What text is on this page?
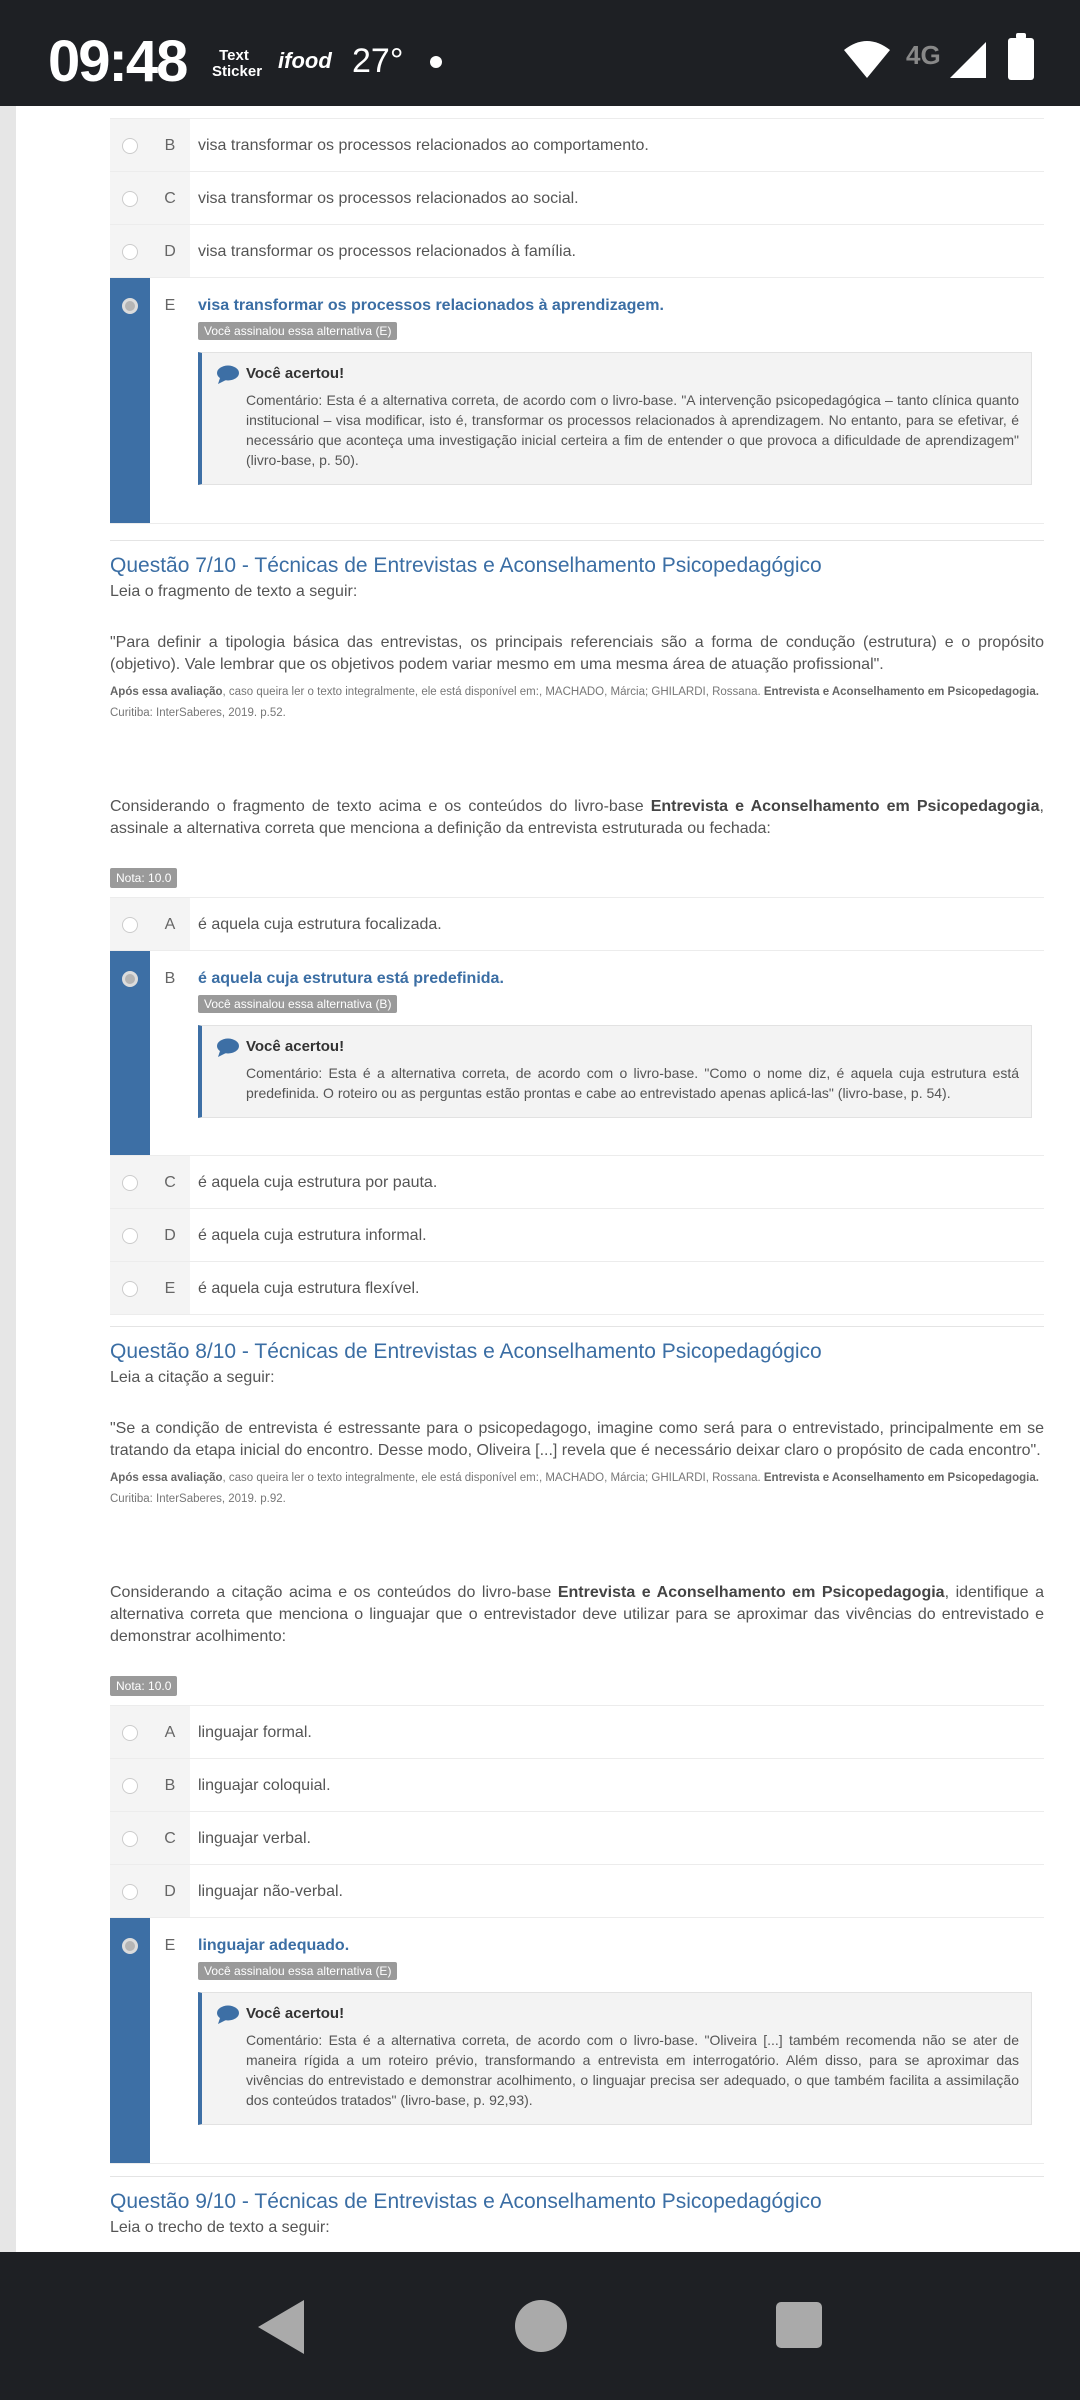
09:48	Text Sticker ifood 27°	4G
B	visa transformar os processos relacionados ao comportamento.
C	visa transformar os processos relacionados ao social.
D	visa transformar os processos relacionados à família.
E	visa transformar os processos relacionados à aprendizagem.
Você assinalou essa alternativa (E)
Você acertou!
Comentário: Esta é a alternativa correta, de acordo com o livro-base. "A intervenção psicopedagógica – tanto clínica quanto institucional – visa modificar, isto é, transformar os processos relacionados à aprendizagem. No entanto, para se efetivar, é necessário que aconteça uma investigação inicial certeira a fim de entender o que provoca a dificuldade de aprendizagem" (livro-base, p. 50).
Questão 7/10 - Técnicas de Entrevistas e Aconselhamento Psicopedagógico
Leia o fragmento de texto a seguir:
"Para definir a tipologia básica das entrevistas, os principais referenciais são a forma de condução (estrutura) e o propósito (objetivo). Vale lembrar que os objetivos podem variar mesmo em uma mesma área de atuação profissional".
Após essa avaliação, caso queira ler o texto integralmente, ele está disponível em:, MACHADO, Márcia; GHILARDI, Rossana. Entrevista e Aconselhamento em Psicopedagogia.
Curitiba: InterSaberes, 2019. p.52.
Considerando o fragmento de texto acima e os conteúdos do livro-base Entrevista e Aconselhamento em Psicopedagogia, assinale a alternativa correta que menciona a definição da entrevista estruturada ou fechada:
Nota: 10.0
A	é aquela cuja estrutura focalizada.
B	é aquela cuja estrutura está predefinida.
Você assinalou essa alternativa (B)
Você acertou!
Comentário: Esta é a alternativa correta, de acordo com o livro-base. "Como o nome diz, é aquela cuja estrutura está predefinida. O roteiro ou as perguntas estão prontas e cabe ao entrevistado apenas aplicá-las" (livro-base, p. 54).
C	é aquela cuja estrutura por pauta.
D	é aquela cuja estrutura informal.
E	é aquela cuja estrutura flexível.
Questão 8/10 - Técnicas de Entrevistas e Aconselhamento Psicopedagógico
Leia a citação a seguir:
"Se a condição de entrevista é estressante para o psicopedagogo, imagine como será para o entrevistado, principalmente em se tratando da etapa inicial do encontro. Desse modo, Oliveira [...] revela que é necessário deixar claro o propósito de cada encontro".
Após essa avaliação, caso queira ler o texto integralmente, ele está disponível em:, MACHADO, Márcia; GHILARDI, Rossana. Entrevista e Aconselhamento em Psicopedagogia.
Curitiba: InterSaberes, 2019. p.92.
Considerando a citação acima e os conteúdos do livro-base Entrevista e Aconselhamento em Psicopedagogia, identifique a alternativa correta que menciona o linguajar que o entrevistador deve utilizar para se aproximar das vivências do entrevistado e demonstrar acolhimento:
Nota: 10.0
A	linguajar formal.
B	linguajar coloquial.
C	linguajar verbal.
D	linguajar não-verbal.
E	linguajar adequado.
Você assinalou essa alternativa (E)
Você acertou!
Comentário: Esta é a alternativa correta, de acordo com o livro-base. "Oliveira [...] também recomenda não se ater de maneira rígida a um roteiro prévio, transformando a entrevista em interrogatório. Além disso, para se aproximar das vivências do entrevistado e demonstrar acolhimento, o linguajar precisa ser adequado, o que também facilita a assimilação dos conteúdos tratados" (livro-base, p. 92,93).
Questão 9/10 - Técnicas de Entrevistas e Aconselhamento Psicopedagógico
Leia o trecho de texto a seguir:
